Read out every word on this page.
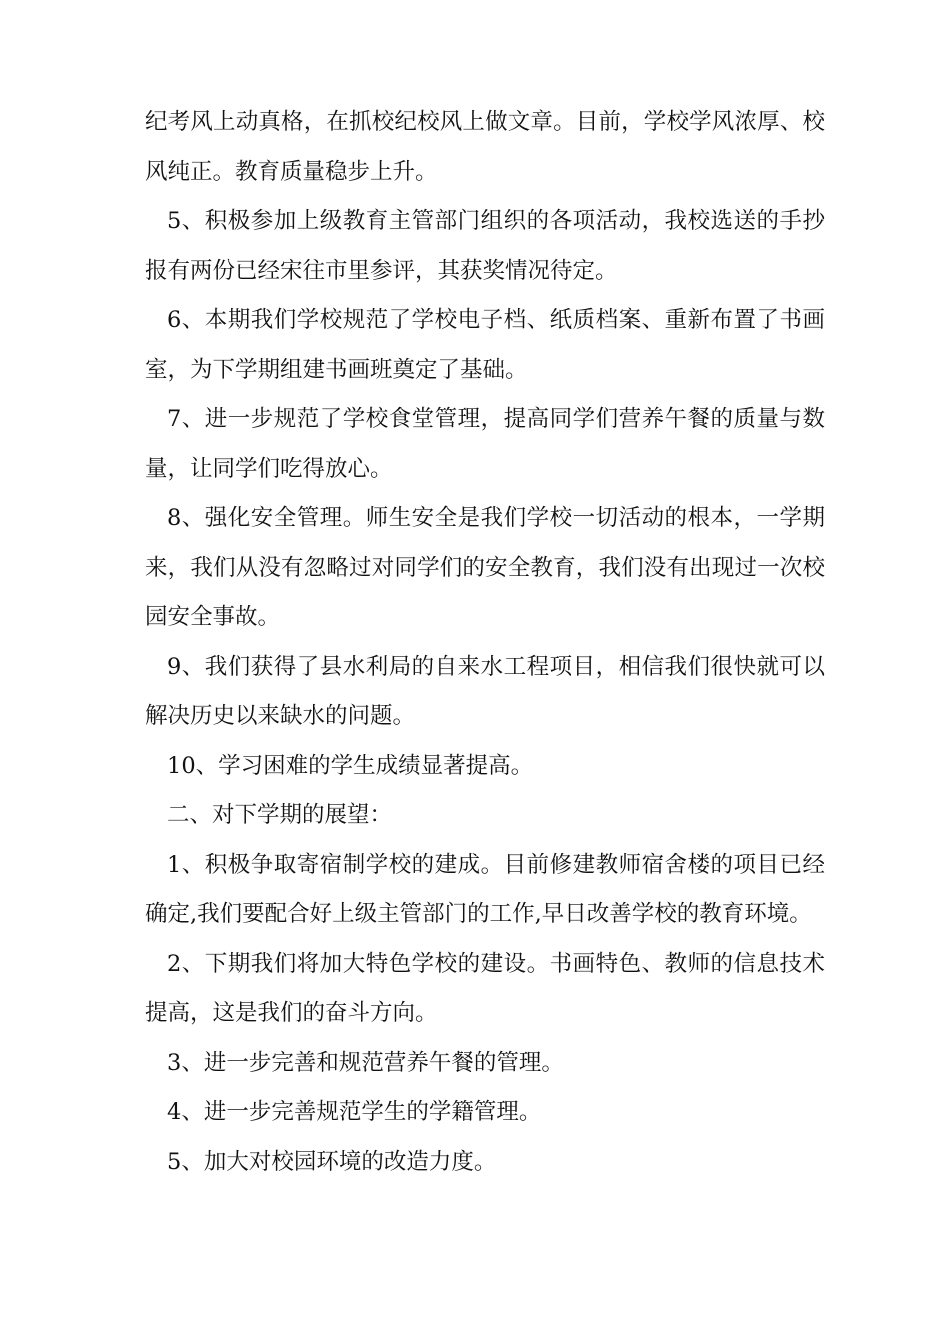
纪考风上动真格，在抓校纪校风上做文章。目前，学校学风浓厚、校风纯正。教育质量稳步上升。

5、积极参加上级教育主管部门组织的各项活动，我校选送的手抄报有两份已经宋往市里参评，其获奖情况待定。

6、本期我们学校规范了学校电子档、纸质档案、重新布置了书画室，为下学期组建书画班奠定了基础。

7、进一步规范了学校食堂管理，提高同学们营养午餐的质量与数量，让同学们吃得放心。

8、强化安全管理。师生安全是我们学校一切活动的根本，一学期来，我们从没有忽略过对同学们的安全教育，我们没有出现过一次校园安全事故。

9、我们获得了县水利局的自来水工程项目，相信我们很快就可以解决历史以来缺水的问题。

10、学习困难的学生成绩显著提高。

二、对下学期的展望：

1、积极争取寄宿制学校的建成。目前修建教师宿舍楼的项目已经确定,我们要配合好上级主管部门的工作,早日改善学校的教育环境。

2、下期我们将加大特色学校的建设。书画特色、教师的信息技术提高，这是我们的奋斗方向。

3、进一步完善和规范营养午餐的管理。

4、进一步完善规范学生的学籍管理。

5、加大对校园环境的改造力度。
